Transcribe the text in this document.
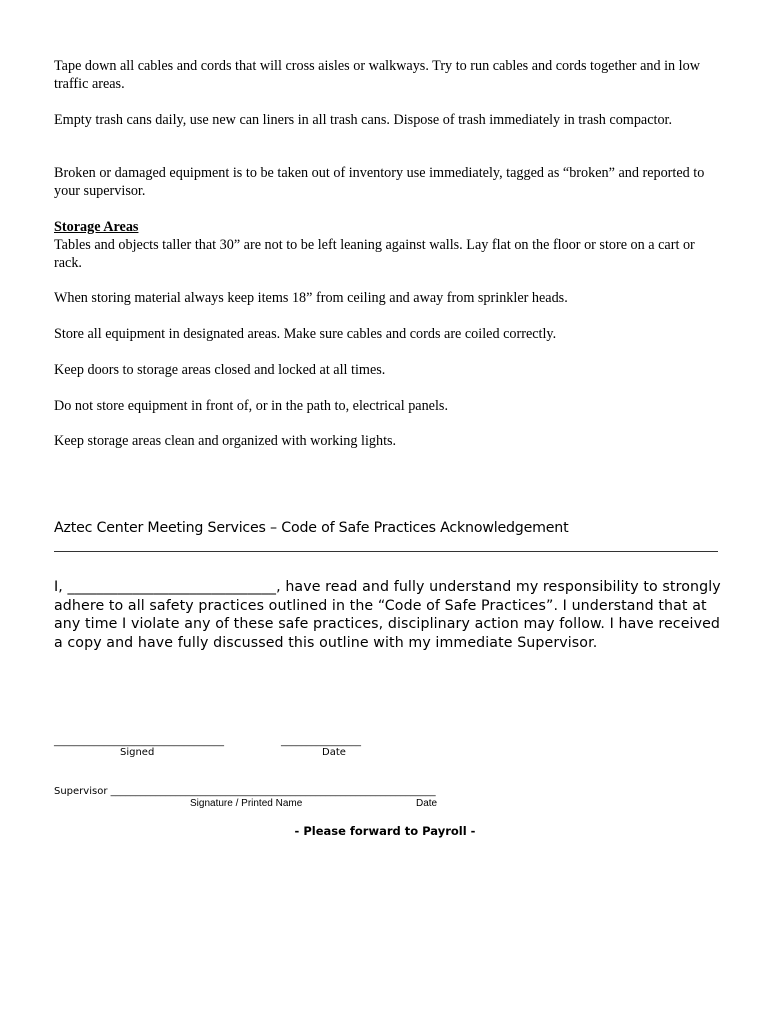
Tape down all cables and cords that will cross aisles or walkways. Try to run cables and cords together and in low traffic areas.

Empty trash cans daily, use new can liners in all trash cans. Dispose of trash immediately in trash compactor.

Broken or damaged equipment is to be taken out of inventory use immediately, tagged as “broken” and reported to your supervisor.

Storage Areas
Tables and objects taller that 30” are not to be left leaning against walls. Lay flat on the floor or store on a cart or rack.

When storing material always keep items 18” from ceiling and away from sprinkler heads.

Store all equipment in designated areas. Make sure cables and cords are coiled correctly.

Keep doors to storage areas closed and locked at all times.

Do not store equipment in front of, or in the path to, electrical panels.

Keep storage areas clean and organized with working lights.

Aztec Center Meeting Services – Code of Safe Practices Acknowledgement
I, _____________________________, have read and fully understand my responsibility to strongly adhere to all safety practices outlined in the “Code of Safe Practices”. I understand that at any time I violate any of these safe practices, disciplinary action may follow. I have received a copy and have fully discussed this outline with my immediate Supervisor.
__________________________________
Signed
________________
Date
Supervisor _________________________________________________________________
Signature / Printed Name	Date
- Please forward to Payroll -
